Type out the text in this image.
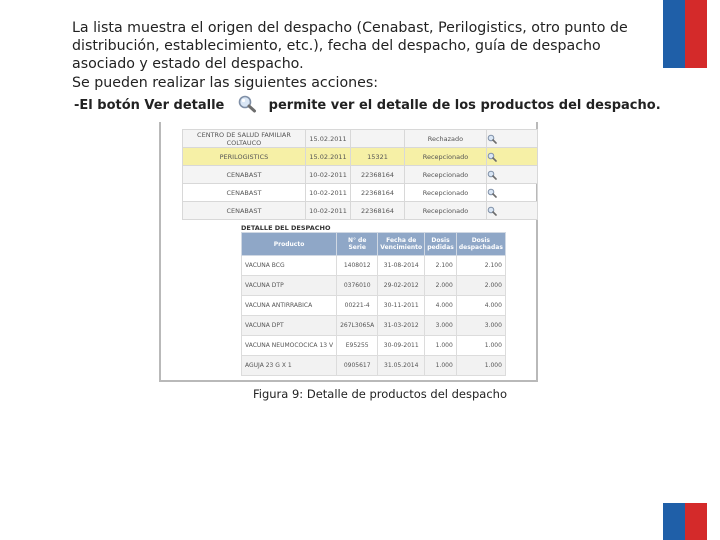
La lista muestra el origen del despacho (Cenabast, Perilogistics, otro punto de
distribución, establecimiento, etc.), fecha del despacho, guía de despacho
asociado y estado del despacho.
Se pueden realizar las siguientes acciones:
-El botón Ver detalle	permite ver el detalle de los productos del despacho.
CENTRO DE SALUD FAMILIAR COLTAUCO	15.02.2011		Rechazado	
PERILOGISTICS	15.02.2011	15321	Recepcionado	
CENABAST	10-02-2011	22368164	Recepcionado	
CENABAST	10-02-2011	22368164	Recepcionado	
CENABAST	10-02-2011	22368164	Recepcionado	
DETALLE DEL DESPACHO
Producto	N° de Serie	Fecha de Vencimiento	Dosis pedidas	Dosis despachadas
VACUNA BCG	1408012	31-08-2014	2.100	2.100
VACUNA DTP	0376010	29-02-2012	2.000	2.000
VACUNA ANTIRRABICA	00221-4	30-11-2011	4.000	4.000
VACUNA DPT	267L3065A	31-03-2012	3.000	3.000
VACUNA NEUMOCOCICA 13 V	E95255	30-09-2011	1.000	1.000
AGUJA 23 G X 1	0905617	31.05.2014	1.000	1.000
Figura 9: Detalle de productos del despacho
